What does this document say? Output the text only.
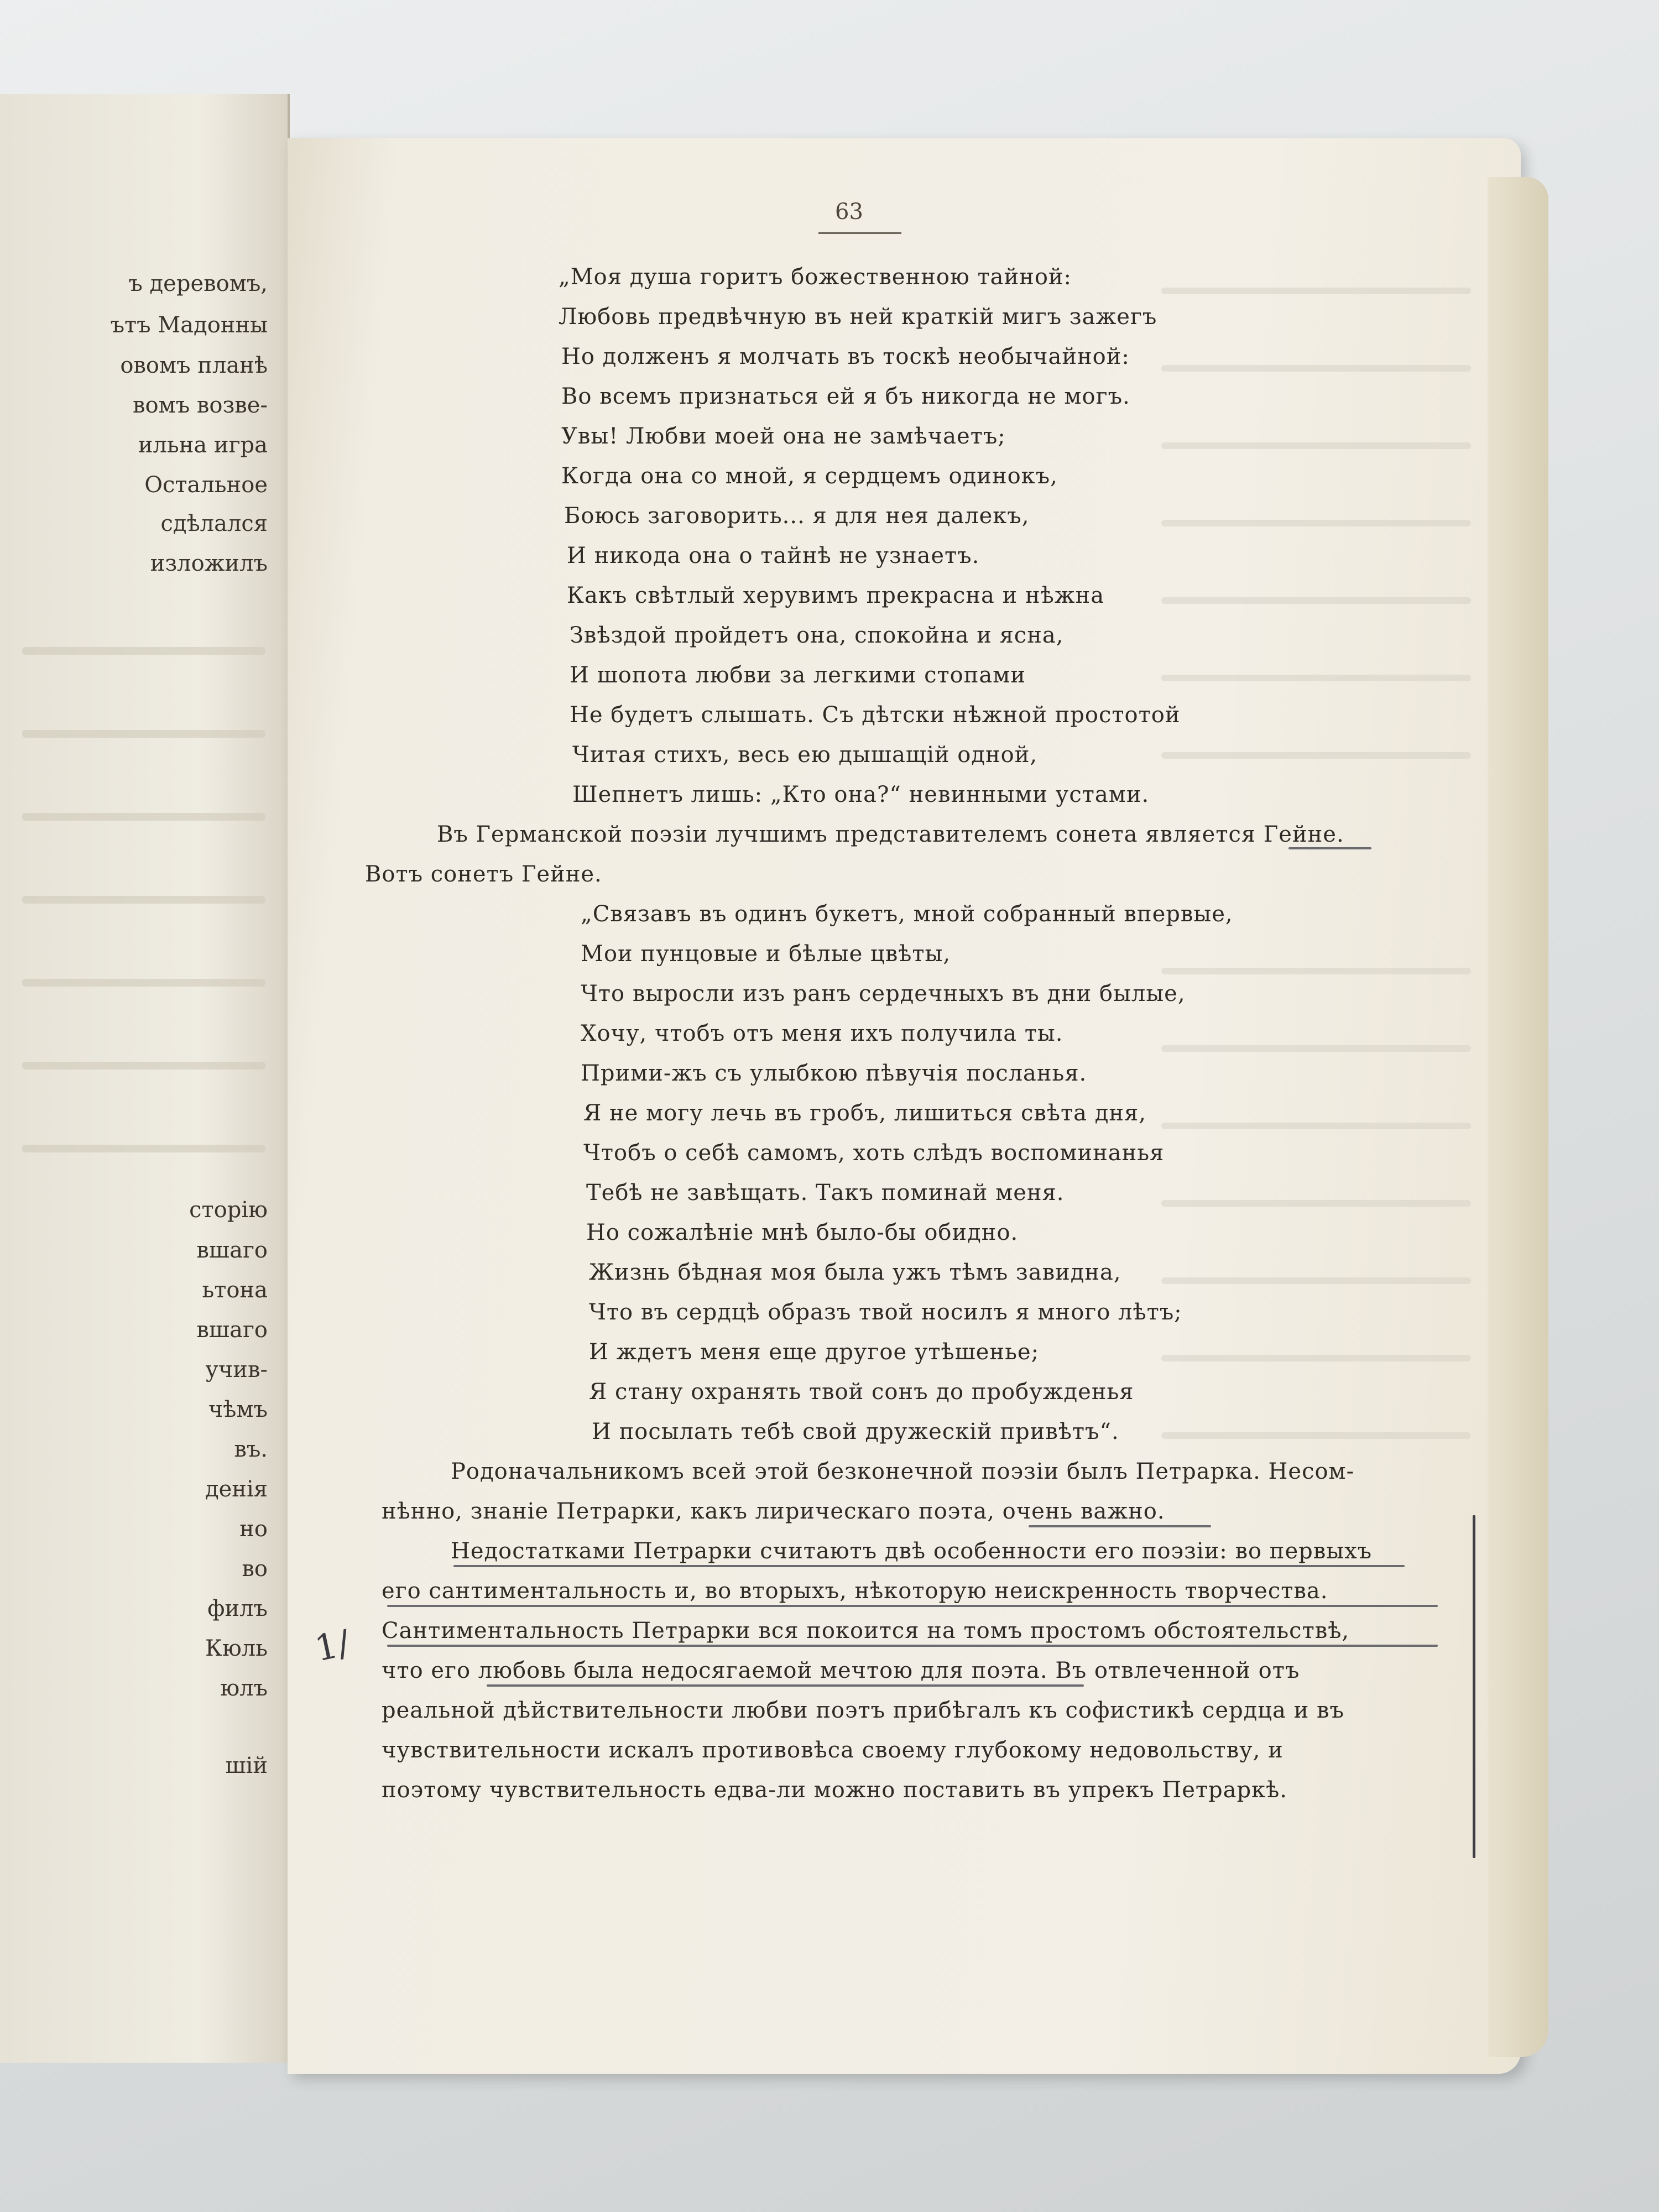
ъ деревомъ,
ътъ Мадонны
овомъ планѣ
вомъ возве-
ильна игра
Остальное
сдѣлался
изложилъ
сторію
вшаго
ьтона
вшаго
учив-
чѣмъ
въ.
денія
но
во
филъ
Кюль
юлъ
шій
63
„Моя душа горитъ божественною тайной:
Любовь предвѣчную въ ней краткій мигъ зажегъ
Но долженъ я молчать въ тоскѣ необычайной:
Во всемъ признаться ей я бъ никогда не могъ.
Увы! Любви моей она не замѣчаетъ;
Когда она со мной, я сердцемъ одинокъ,
Боюсь заговорить... я для нея далекъ,
И никода она о тайнѣ не узнаетъ.
Какъ свѣтлый херувимъ прекрасна и нѣжна
Звѣздой пройдетъ она, спокойна и ясна,
И шопота любви за легкими стопами
Не будетъ слышать. Съ дѣтски нѣжной простотой
Читая стихъ, весь ею дышащій одной,
Шепнетъ лишь: „Кто она?“ невинными устами.
Въ Германской поэзіи лучшимъ представителемъ сонета является Гейне.
Вотъ сонетъ Гейне.
„Связавъ въ одинъ букетъ, мной собранный впервые,
Мои пунцовые и бѣлые цвѣты,
Что выросли изъ ранъ сердечныхъ въ дни былые,
Хочу, чтобъ отъ меня ихъ получила ты.
Прими-жъ съ улыбкою пѣвучія посланья.
Я не могу лечь въ гробъ, лишиться свѣта дня,
Чтобъ о себѣ самомъ, хоть слѣдъ воспоминанья
Тебѣ не завѣщать. Такъ поминай меня.
Но сожалѣніе мнѣ было-бы обидно.
Жизнь бѣдная моя была ужъ тѣмъ завидна,
Что въ сердцѣ образъ твой носилъ я много лѣтъ;
И ждетъ меня еще другое утѣшенье;
Я стану охранять твой сонъ до пробужденья
И посылать тебѣ свой дружескій привѣтъ“.
Родоначальникомъ всей этой безконечной поэзіи былъ Петрарка. Несом-
нѣнно, знаніе Петрарки, какъ лирическаго поэта, очень важно.
Недостатками Петрарки считаютъ двѣ особенности его поэзіи: во первыхъ
его сантиментальность и, во вторыхъ, нѣкоторую неискренность творчества.
Сантиментальность Петрарки вся покоится на томъ простомъ обстоятельствѣ,
что его любовь была недосягаемой мечтою для поэта. Въ отвлеченной отъ
реальной дѣйствительности любви поэтъ прибѣгалъ къ софистикѣ сердца и въ
чувствительности искалъ противовѣса своему глубокому недовольству, и
поэтому чувствительность едва-ли можно поставить въ упрекъ Петраркѣ.
1/
